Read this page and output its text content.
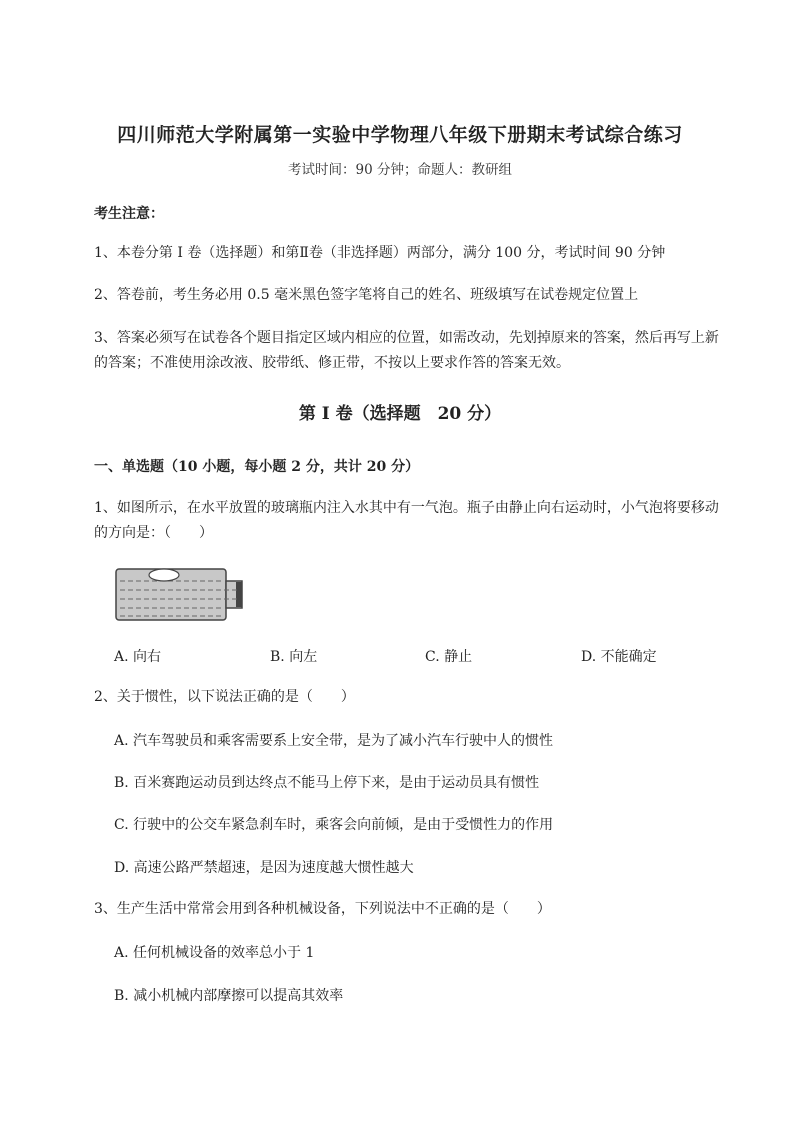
四川师范大学附属第一实验中学物理八年级下册期末考试综合练习
考试时间：90 分钟；命题人：教研组
考生注意：
1、本卷分第 I 卷（选择题）和第Ⅱ卷（非选择题）两部分，满分 100 分，考试时间 90 分钟
2、答卷前，考生务必用 0.5 毫米黑色签字笔将自己的姓名、班级填写在试卷规定位置上
3、答案必须写在试卷各个题目指定区域内相应的位置，如需改动，先划掉原来的答案，然后再写上新的答案；不准使用涂改液、胶带纸、修正带，不按以上要求作答的答案无效。
第 I 卷（选择题　20 分）
一、单选题（10 小题，每小题 2 分，共计 20 分）
1、如图所示，在水平放置的玻璃瓶内注入水其中有一气泡。瓶子由静止向右运动时，小气泡将要移动的方向是：（　　）
A. 向右	B. 向左	C. 静止	D. 不能确定
2、关于惯性，以下说法正确的是（　　）
A. 汽车驾驶员和乘客需要系上安全带，是为了减小汽车行驶中人的惯性
B. 百米赛跑运动员到达终点不能马上停下来，是由于运动员具有惯性
C. 行驶中的公交车紧急刹车时，乘客会向前倾，是由于受惯性力的作用
D. 高速公路严禁超速，是因为速度越大惯性越大
3、生产生活中常常会用到各种机械设备，下列说法中不正确的是（　　）
A. 任何机械设备的效率总小于 1
B. 减小机械内部摩擦可以提高其效率
